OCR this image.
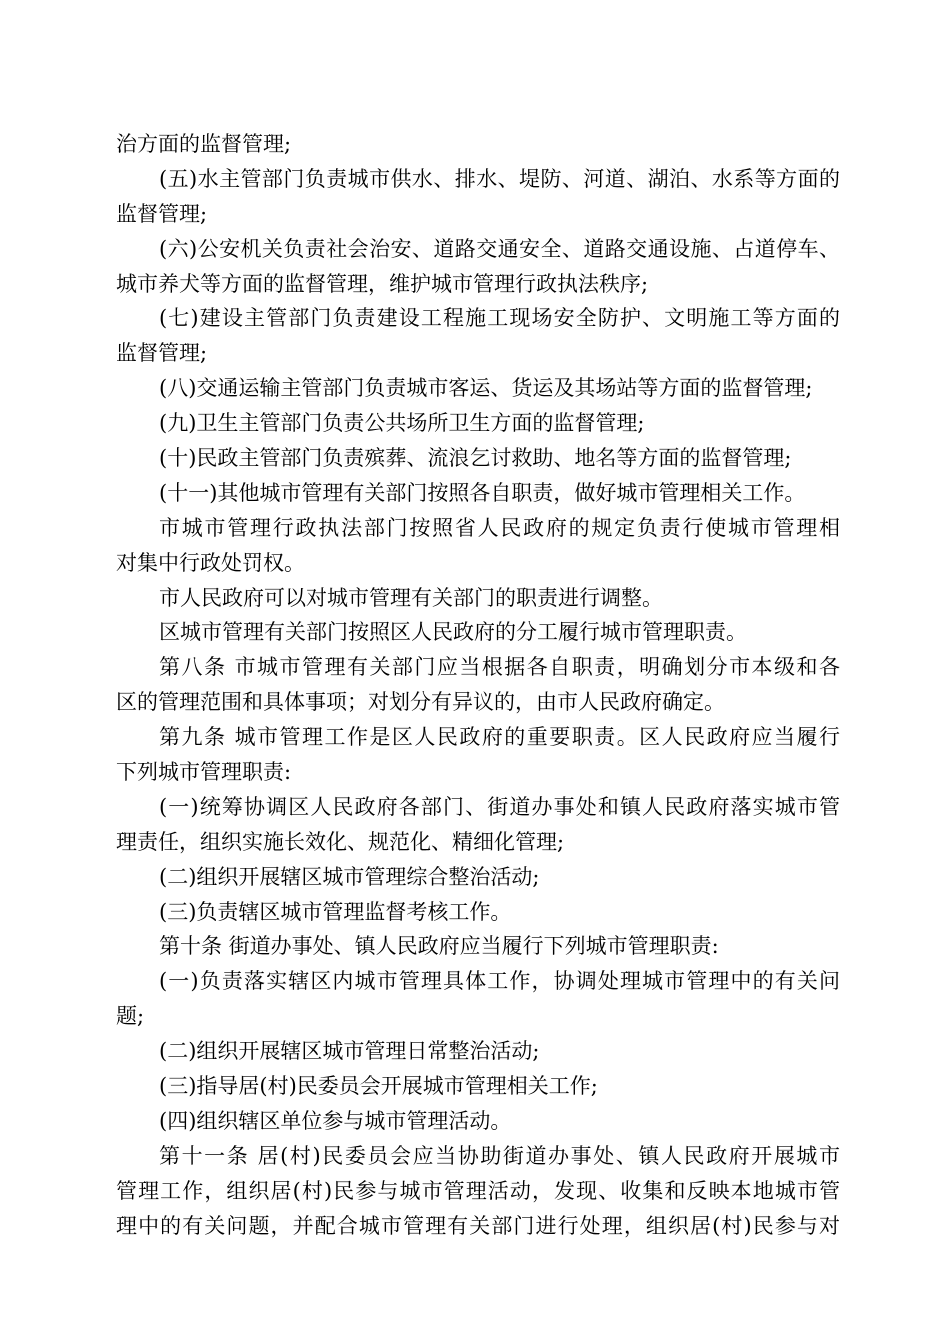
治方面的监督管理;
(五)水主管部门负责城市供水、排水、堤防、河道、湖泊、水系等方面的
监督管理;
(六)公安机关负责社会治安、道路交通安全、道路交通设施、占道停车、
城市养犬等方面的监督管理，维护城市管理行政执法秩序;
(七)建设主管部门负责建设工程施工现场安全防护、文明施工等方面的
监督管理;
(八)交通运输主管部门负责城市客运、货运及其场站等方面的监督管理;
(九)卫生主管部门负责公共场所卫生方面的监督管理;
(十)民政主管部门负责殡葬、流浪乞讨救助、地名等方面的监督管理;
(十一)其他城市管理有关部门按照各自职责，做好城市管理相关工作。
市城市管理行政执法部门按照省人民政府的规定负责行使城市管理相
对集中行政处罚权。
市人民政府可以对城市管理有关部门的职责进行调整。
区城市管理有关部门按照区人民政府的分工履行城市管理职责。
第八条 市城市管理有关部门应当根据各自职责，明确划分市本级和各
区的管理范围和具体事项；对划分有异议的，由市人民政府确定。
第九条 城市管理工作是区人民政府的重要职责。区人民政府应当履行
下列城市管理职责:
(一)统筹协调区人民政府各部门、街道办事处和镇人民政府落实城市管
理责任，组织实施长效化、规范化、精细化管理;
(二)组织开展辖区城市管理综合整治活动;
(三)负责辖区城市管理监督考核工作。
第十条 街道办事处、镇人民政府应当履行下列城市管理职责:
(一)负责落实辖区内城市管理具体工作，协调处理城市管理中的有关问
题;
(二)组织开展辖区城市管理日常整治活动;
(三)指导居(村)民委员会开展城市管理相关工作;
(四)组织辖区单位参与城市管理活动。
第十一条 居(村)民委员会应当协助街道办事处、镇人民政府开展城市
管理工作，组织居(村)民参与城市管理活动，发现、收集和反映本地城市管
理中的有关问题，并配合城市管理有关部门进行处理，组织居(村)民参与对
